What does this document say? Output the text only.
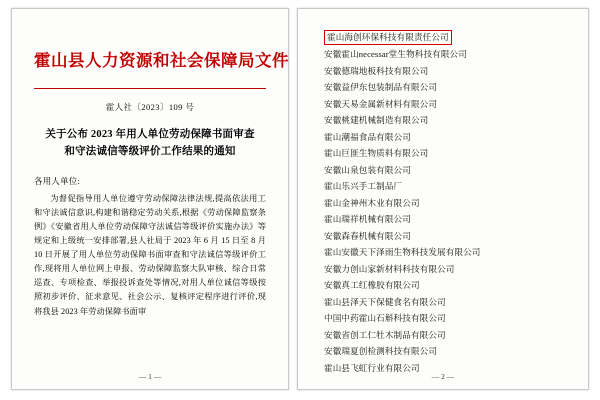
霍山县人力资源和社会保障局文件
霍人社〔2023〕109 号
关于公布 2023 年用人单位劳动保障书面审查
和守法诚信等级评价工作结果的通知
各用人单位:

为督促指导用人单位遵守劳动保障法律法规,提高依法用工和守法诚信意识,构建和谐稳定劳动关系,根据《劳动保障监察条例》《安徽省用人单位劳动保障守法诚信等级评价实施办法》等规定和上级统一安排部署,县人社局于 2023 年 6 月 15 日至 8 月 10 日开展了用人单位劳动保障书面审查和守法诚信等级评价工作,现将用人单位网上申报、劳动保障监察大队审核、综合日常巡查、专项检查、举报投诉查处等情况,对用人单位诚信等级按照初步评价、征求意见、社会公示、复核评定程序进行评价,现将我县 2023 年劳动保障书面审

— 1 —
霍山海创环保科技有限责任公司
安徽霍山necessar堂生物科技有限公司
安徽德瑞地板科技有限公司
安徽益伊东包装制品有限公司
安徽天易金属新材料有限公司
安徽桃建机械制造有限公司
霍山潮福食品有限公司
霍山巨匪生物质料有限公司
安徽山泉包装有限公司
霍山乐兴手工制品厂
霍山金神州木业有限公司
霍山瑞祥机械有限公司
安徽森春机械有限公司
霍山安徽天下泽雨生物科技发展有限公司
安徽力创山家新材料科技有限公司
安徽真工红橡胶有限公司
霍山县泽天下保健食名有限公司
中国中药霍山石斛科技有限公司
安徽省创工仁牡木制品有限公司
安徽瑞夏创检测科技有限公司
霍山县飞虹行业有限公司
— 2 —
